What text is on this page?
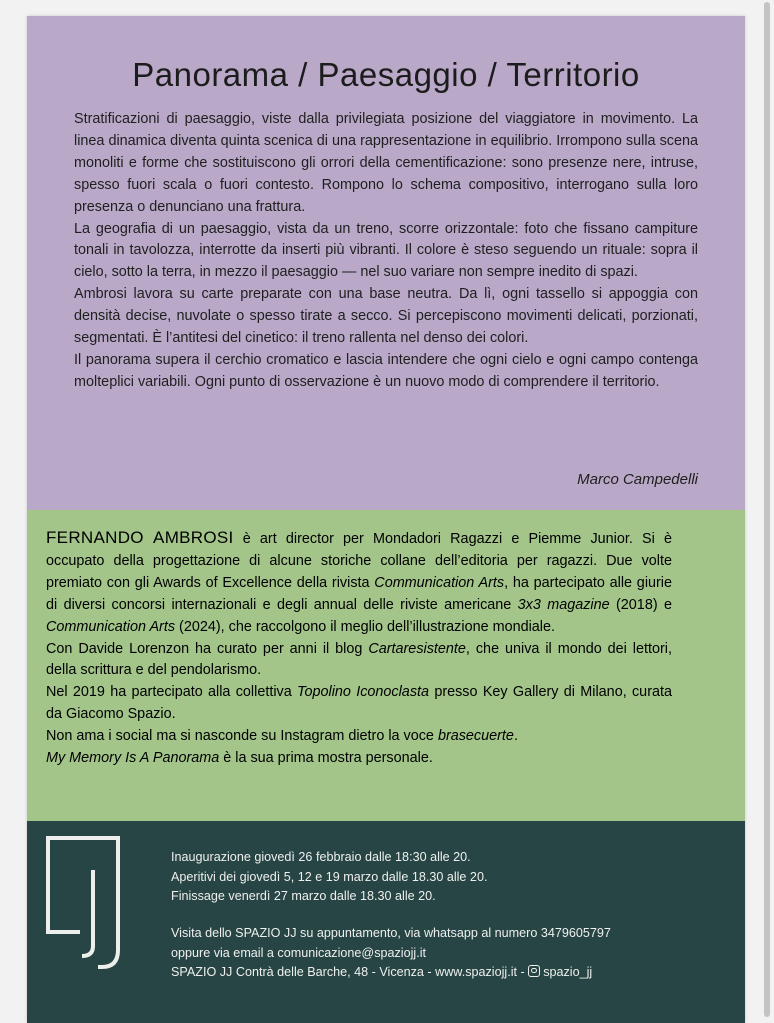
Panorama / Paesaggio / Territorio

Stratificazioni di paesaggio, viste dalla privilegiata posizione del viaggiatore in movimento. La linea dinamica diventa quinta scenica di una rappresentazione in equilibrio. Irrompono sulla scena monoliti e forme che sostituiscono gli orrori della cementificazione: sono presenze nere, intruse, spesso fuori scala o fuori contesto. Rompono lo schema compositivo, interrogano sulla loro presenza o denunciano una frattura.

La geografia di un paesaggio, vista da un treno, scorre orizzontale: foto che fissano campiture tonali in tavolozza, interrotte da inserti più vibranti. Il colore è steso seguendo un rituale: sopra il cielo, sotto la terra, in mezzo il paesaggio — nel suo variare non sempre inedito di spazi.

Ambrosi lavora su carte preparate con una base neutra. Da lì, ogni tassello si appoggia con densità decise, nuvolate o spesso tirate a secco. Si percepiscono movimenti delicati, porzionati, segmentati. È l’antitesi del cinetico: il treno rallenta nel denso dei colori.

Il panorama supera il cerchio cromatico e lascia intendere che ogni cielo e ogni campo contenga molteplici variabili. Ogni punto di osservazione è un nuovo modo di comprendere il territorio.

Marco Campedelli

FERNANDO AMBROSI è art director per Mondadori Ragazzi e Piemme Junior. Si è occupato della progettazione di alcune storiche collane dell’editoria per ragazzi. Due volte premiato con gli Awards of Excellence della rivista Communication Arts, ha partecipato alle giurie di diversi concorsi internazionali e degli annual delle riviste americane 3x3 magazine (2018) e Communication Arts (2024), che raccolgono il meglio dell’illustrazione mondiale.

Con Davide Lorenzon ha curato per anni il blog Cartaresistente, che univa il mondo dei lettori, della scrittura e del pendolarismo.

Nel 2019 ha partecipato alla collettiva Topolino Iconoclasta presso Key Gallery di Milano, curata da Giacomo Spazio.

Non ama i social ma si nasconde su Instagram dietro la voce brasecuerte.

My Memory Is A Panorama è la sua prima mostra personale.

Inaugurazione giovedì 26 febbraio dalle 18:30 alle 20.

Aperitivi dei giovedì 5, 12 e 19 marzo dalle 18.30 alle 20.

Finissage venerdì 27 marzo dalle 18.30 alle 20.

Visita dello SPAZIO JJ su appuntamento, via whatsapp al numero 3479605797

oppure via email a comunicazione@spaziojj.it

SPAZIO JJ Contrà delle Barche, 48 - Vicenza - www.spaziojj.it - spazio_jj
